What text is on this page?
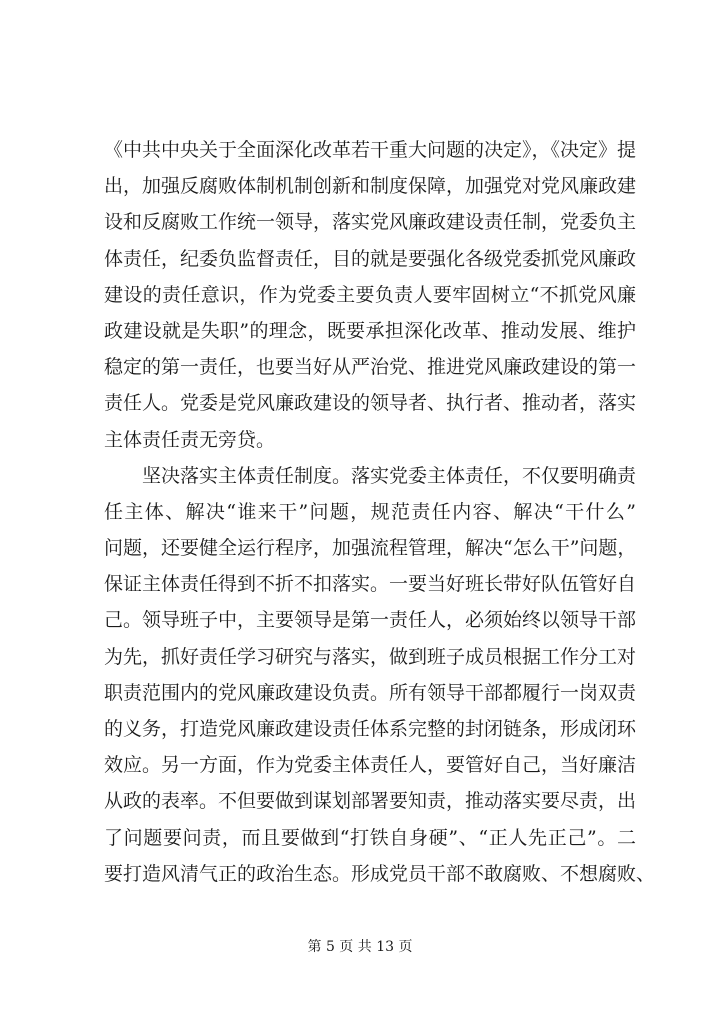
《中共中央关于全面深化改革若干重大问题的决定》，《决定》提
出，加强反腐败体制机制创新和制度保障，加强党对党风廉政建
设和反腐败工作统一领导，落实党风廉政建设责任制，党委负主
体责任，纪委负监督责任，目的就是要强化各级党委抓党风廉政
建设的责任意识，作为党委主要负责人要牢固树立“不抓党风廉
政建设就是失职”的理念，既要承担深化改革、推动发展、维护
稳定的第一责任，也要当好从严治党、推进党风廉政建设的第一
责任人。党委是党风廉政建设的领导者、执行者、推动者，落实
主体责任责无旁贷。
　　坚决落实主体责任制度。落实党委主体责任，不仅要明确责
任主体、解决“谁来干”问题，规范责任内容、解决“干什么”
问题，还要健全运行程序，加强流程管理，解决“怎么干”问题，
保证主体责任得到不折不扣落实。一要当好班长带好队伍管好自
己。领导班子中，主要领导是第一责任人，必须始终以领导干部
为先，抓好责任学习研究与落实，做到班子成员根据工作分工对
职责范围内的党风廉政建设负责。所有领导干部都履行一岗双责
的义务，打造党风廉政建设责任体系完整的封闭链条，形成闭环
效应。另一方面，作为党委主体责任人，要管好自己，当好廉洁
从政的表率。不但要做到谋划部署要知责，推动落实要尽责，出
了问题要问责，而且要做到“打铁自身硬”、“正人先正己”。二
要打造风清气正的政治生态。形成党员干部不敢腐败、不想腐败、
第 5 页 共 13 页
